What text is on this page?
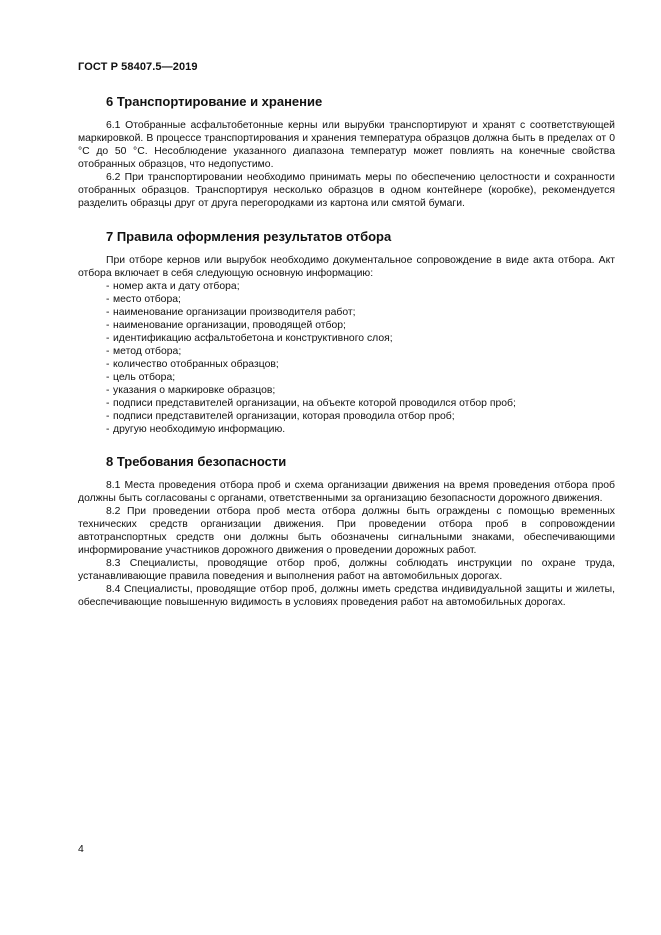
ГОСТ Р 58407.5—2019
6 Транспортирование и хранение

6.1 Отобранные асфальтобетонные керны или вырубки транспортируют и хранят с соответствующей маркировкой. В процессе транспортирования и хранения температура образцов должна быть в пределах от 0 °С до 50 °С. Несоблюдение указанного диапазона температур может повлиять на конечные свойства отобранных образцов, что недопустимо.

6.2 При транспортировании необходимо принимать меры по обеспечению целостности и сохранности отобранных образцов. Транспортируя несколько образцов в одном контейнере (коробке), рекомендуется разделить образцы друг от друга перегородками из картона или смятой бумаги.

7 Правила оформления результатов отбора

При отборе кернов или вырубок необходимо документальное сопровождение в виде акта отбора. Акт отбора включает в себя следующую основную информацию:

- номер акта и дату отбора;
- место отбора;
- наименование организации производителя работ;
- наименование организации, проводящей отбор;
- идентификацию асфальтобетона и конструктивного слоя;
- метод отбора;
- количество отобранных образцов;
- цель отбора;
- указания о маркировке образцов;
- подписи представителей организации, на объекте которой проводился отбор проб;
- подписи представителей организации, которая проводила отбор проб;
- другую необходимую информацию.
8 Требования безопасности

8.1 Места проведения отбора проб и схема организации движения на время проведения отбора проб должны быть согласованы с органами, ответственными за организацию безопасности дорожного движения.

8.2 При проведении отбора проб места отбора должны быть ограждены с помощью временных технических средств организации движения. При проведении отбора проб в сопровождении автотранспортных средств они должны быть обозначены сигнальными знаками, обеспечивающими информирование участников дорожного движения о проведении дорожных работ.

8.3 Специалисты, проводящие отбор проб, должны соблюдать инструкции по охране труда, устанавливающие правила поведения и выполнения работ на автомобильных дорогах.

8.4 Специалисты, проводящие отбор проб, должны иметь средства индивидуальной защиты и жилеты, обеспечивающие повышенную видимость в условиях проведения работ на автомобильных дорогах.

4
